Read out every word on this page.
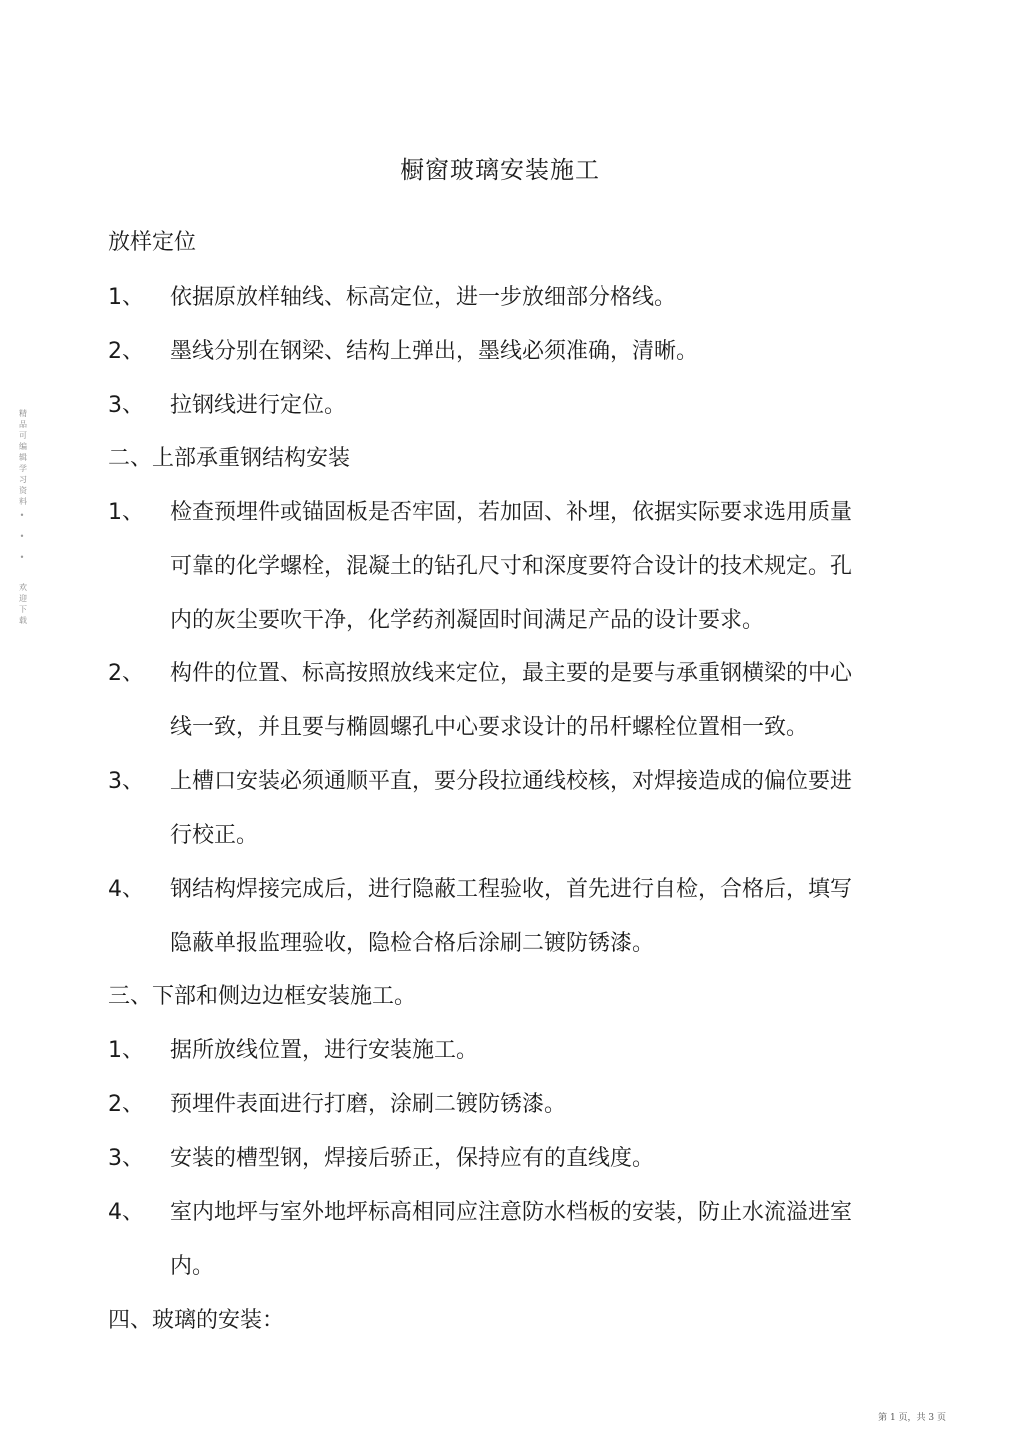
橱窗玻璃安装施工
放样定位
1、	依据原放样轴线、标高定位，进一步放细部分格线。
2、	墨线分别在钢梁、结构上弹出，墨线必须准确，清晰。
3、	拉钢线进行定位。
二、上部承重钢结构安装
1、	检查预埋件或锚固板是否牢固，若加固、补埋，依据实际要求选用质量
可靠的化学螺栓，混凝土的钻孔尺寸和深度要符合设计的技术规定。孔
内的灰尘要吹干净，化学药剂凝固时间满足产品的设计要求。
2、	构件的位置、标高按照放线来定位，最主要的是要与承重钢横梁的中心
线一致，并且要与椭圆螺孔中心要求设计的吊杆螺栓位置相一致。
3、	上槽口安装必须通顺平直，要分段拉通线校核，对焊接造成的偏位要进
行校正。
4、	钢结构焊接完成后，进行隐蔽工程验收，首先进行自检，合格后，填写
隐蔽单报监理验收，隐检合格后涂刷二镀防锈漆。
三、下部和侧边边框安装施工。
1、	据所放线位置，进行安装施工。
2、	预埋件表面进行打磨，涂刷二镀防锈漆。
3、	安装的槽型钢，焊接后骄正，保持应有的直线度。
4、	室内地坪与室外地坪标高相同应注意防水档板的安装，防止水流溢进室
内。
四、玻璃的安装：
精品可编辑学习资料
•
•
•
欢迎下载
第 1 页，共 3 页
